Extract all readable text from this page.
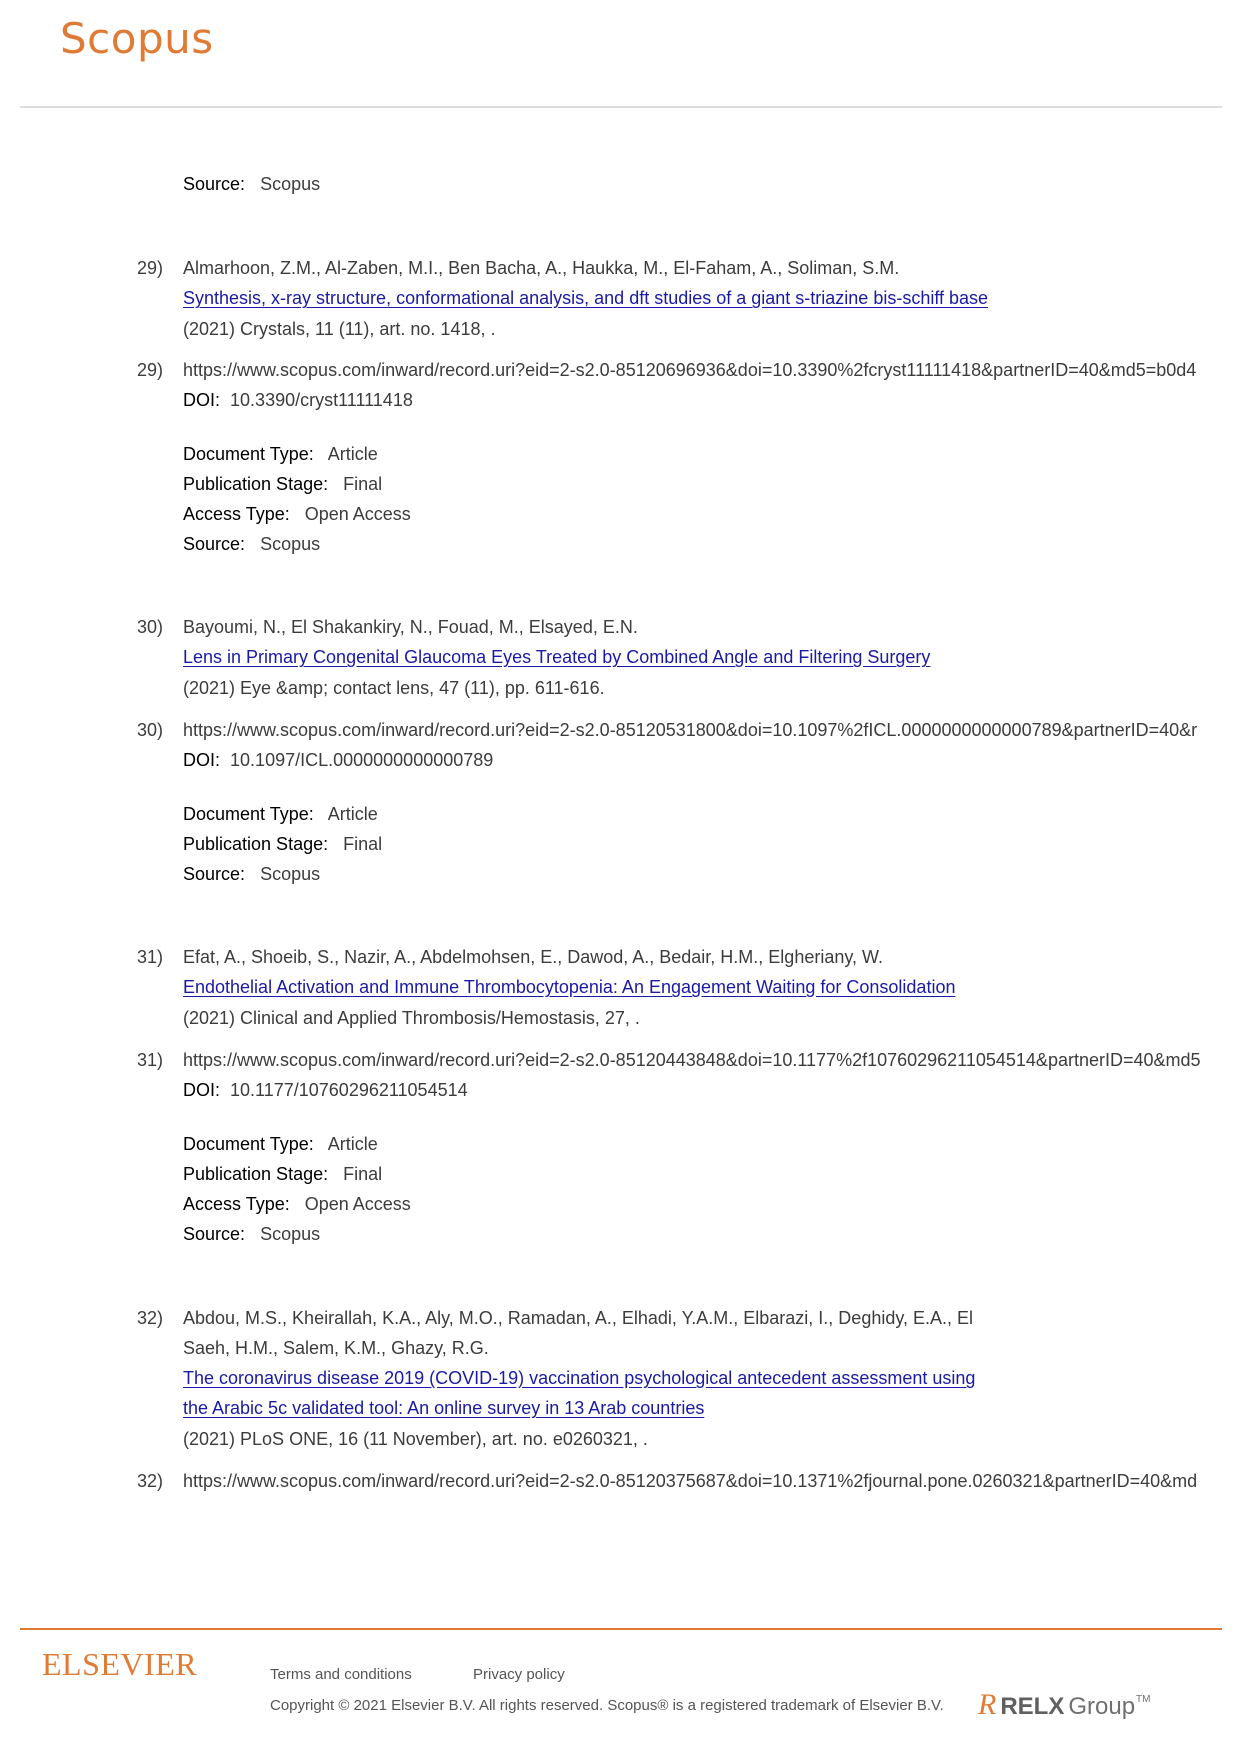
Scopus
Source: Scopus
29)	Almarhoon, Z.M., Al-Zaben, M.I., Ben Bacha, A., Haukka, M., El-Faham, A., Soliman, S.M.
Synthesis, x-ray structure, conformational analysis, and dft studies of a giant s-triazine bis-schiff base
(2021) Crystals, 11 (11), art. no. 1418, .
29)	https://www.scopus.com/inward/record.uri?eid=2-s2.0-85120696936&doi=10.3390%2fcryst11111418&partnerID=40&md5=b0d4
DOI: 10.3390/cryst11111418
Document Type: Article
Publication Stage: Final
Access Type: Open Access
Source: Scopus
30)	Bayoumi, N., El Shakankiry, N., Fouad, M., Elsayed, E.N.
Lens in Primary Congenital Glaucoma Eyes Treated by Combined Angle and Filtering Surgery
(2021) Eye &amp; contact lens, 47 (11), pp. 611-616.
30)	https://www.scopus.com/inward/record.uri?eid=2-s2.0-85120531800&doi=10.1097%2fICL.0000000000000789&partnerID=40&r
DOI: 10.1097/ICL.0000000000000789
Document Type: Article
Publication Stage: Final
Source: Scopus
31)	Efat, A., Shoeib, S., Nazir, A., Abdelmohsen, E., Dawod, A., Bedair, H.M., Elgheriany, W.
Endothelial Activation and Immune Thrombocytopenia: An Engagement Waiting for Consolidation
(2021) Clinical and Applied Thrombosis/Hemostasis, 27, .
31)	https://www.scopus.com/inward/record.uri?eid=2-s2.0-85120443848&doi=10.1177%2f10760296211054514&partnerID=40&md5
DOI: 10.1177/10760296211054514
Document Type: Article
Publication Stage: Final
Access Type: Open Access
Source: Scopus
32)	Abdou, M.S., Kheirallah, K.A., Aly, M.O., Ramadan, A., Elhadi, Y.A.M., Elbarazi, I., Deghidy, E.A., El
Saeh, H.M., Salem, K.M., Ghazy, R.G.
The coronavirus disease 2019 (COVID-19) vaccination psychological antecedent assessment using
the Arabic 5c validated tool: An online survey in 13 Arab countries
(2021) PLoS ONE, 16 (11 November), art. no. e0260321, .
32)	https://www.scopus.com/inward/record.uri?eid=2-s2.0-85120375687&doi=10.1371%2fjournal.pone.0260321&partnerID=40&md
ELSEVIER	Terms and conditions	Privacy policy
Copyright © 2021 Elsevier B.V. All rights reserved. Scopus® is a registered trademark of Elsevier B.V. R RELX Group TM
